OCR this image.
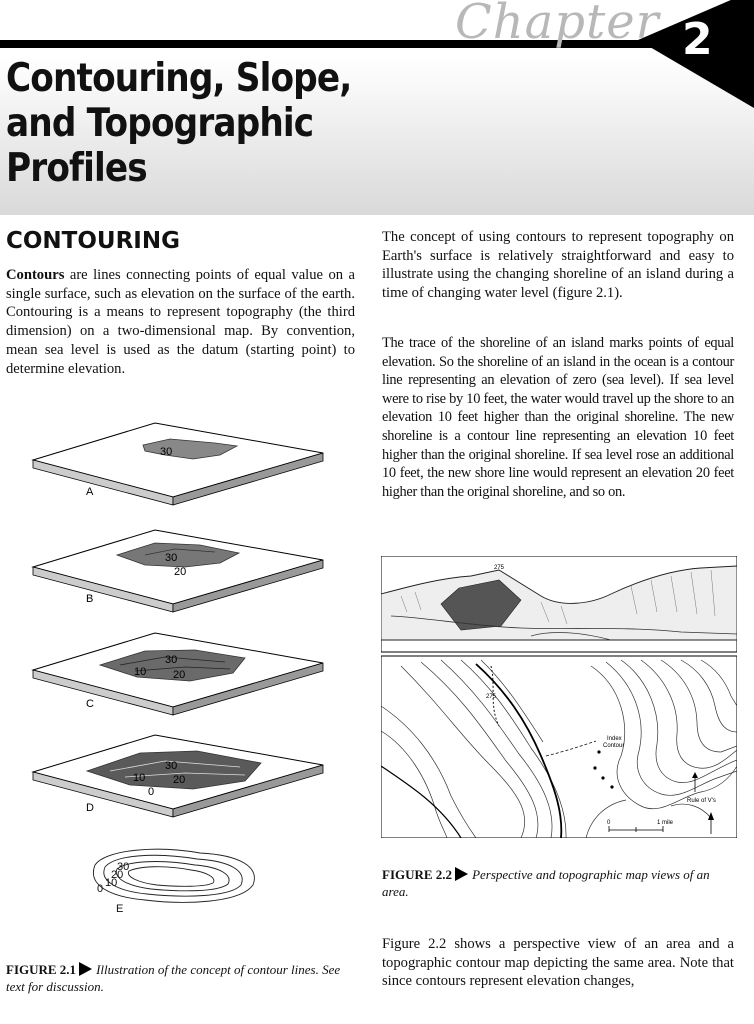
Chapter 2
Contouring, Slope,
and Topographic
Profiles
CONTOURING

Contours are lines connecting points of equal value on a single surface, such as elevation on the surface of the earth. Contouring is a means to represent topography (the third dimension) on a two-dimensional map. By convention, mean sea level is used as the datum (starting point) to determine elevation.

The concept of using contours to represent topography on Earth's surface is relatively straightforward and easy to illustrate using the changing shoreline of an island during a time of changing water level (figure 2.1).

The trace of the shoreline of an island marks points of equal elevation. So the shoreline of an island in the ocean is a contour line representing an elevation of zero (sea level). If sea level were to rise by 10 feet, the water would travel up the shore to an elevation 10 feet higher than the original shoreline. The new shoreline is a contour line representing an elevation 10 feet higher than the original shoreline. If sea level rose an additional 10 feet, the new shore line would represent an elevation 20 feet higher than the original shoreline, and so on.

Figure 2.2 shows a perspective view of an area and a topographic contour map depicting the same area. Note that since contours represent elevation changes,

30
A
30
20
B
30
10 20
C
30
10	20
0
D
30
20
10
0
E

FIGURE 2.1 Illustration of the concept of contour lines. See text for discussion.

275
275
Index
Contour
Rule of V's
0	1 mile

FIGURE 2.2 Perspective and topographic map views of an area.
